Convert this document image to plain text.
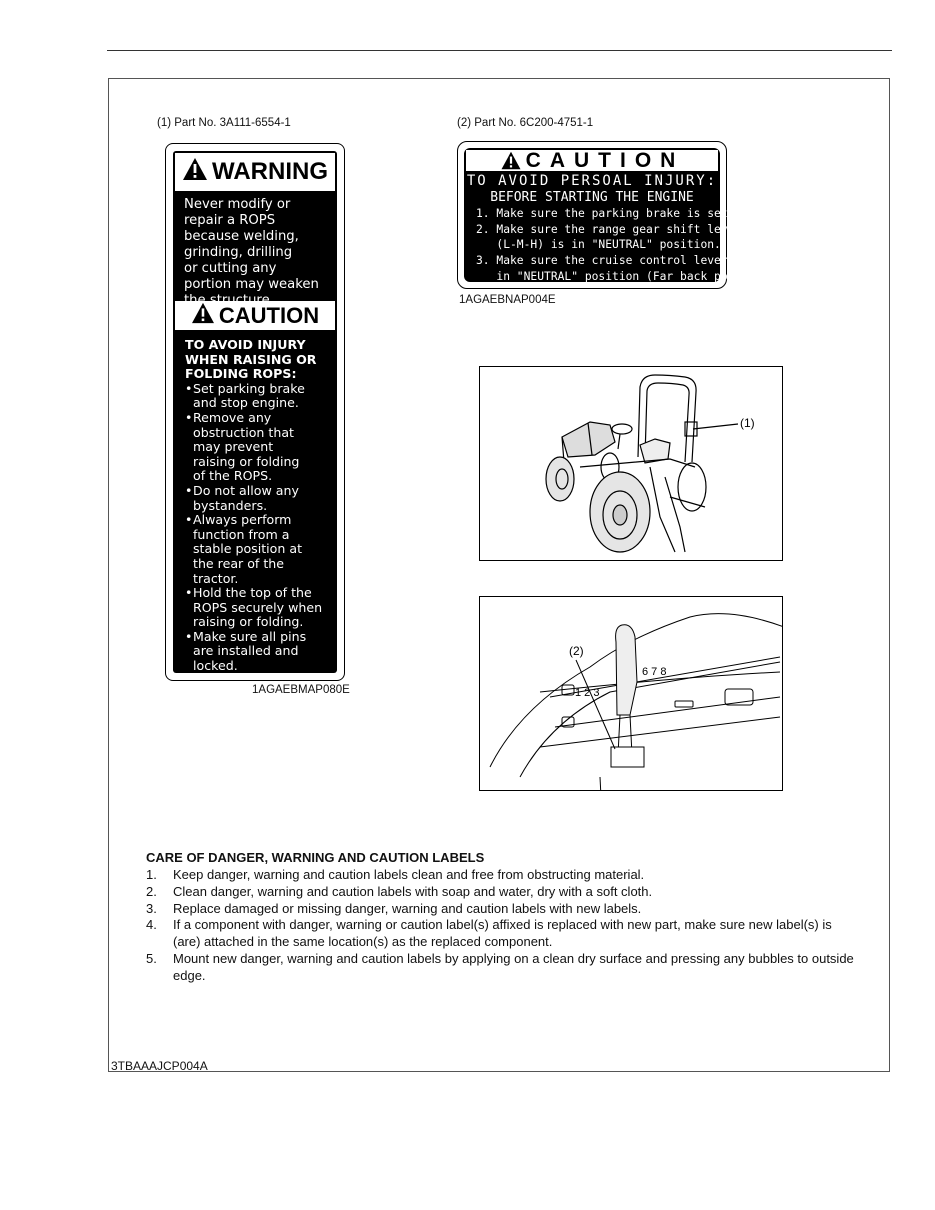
(1) Part No. 3A111-6554-1
WARNING
Never modify or
repair a ROPS
because welding,
grinding, drilling
or cutting any
portion may weaken
CAUTION
TO AVOID INJURY
WHEN RAISING OR
FOLDING ROPS:
•Set parking brake
and stop engine.
•Remove any
obstruction that
may prevent
raising or folding
of the ROPS.
•Do not allow any
bystanders.
•Always perform
function from a
stable position at
the rear of the
tractor.
•Hold the top of the
ROPS securely when
raising or folding.
•Make sure all pins
are installed and
locked.
1AGAEBMAP080E
(2) Part No. 6C200-4751-1
CAUTION
TO AVOID PERSOAL INJURY:
BEFORE STARTING THE ENGINE
1. Make sure the parking brake is set.
2. Make sure the range gear shift lever
(L-M-H) is in "NEUTRAL" position.
3. Make sure the cruise control lever is
in "NEUTRAL" position (Far back position).
1AGAEBNAP004E
(1)
1 2 3
6 7 8
(2)
CARE OF DANGER, WARNING AND CAUTION LABELS
1.	Keep danger, warning and caution labels clean and free from obstructing material.
2.	Clean danger, warning and caution labels with soap and water, dry with a soft cloth.
3.	Replace damaged or missing danger, warning and caution labels with new labels.
4.	If a component with danger, warning or caution label(s) affixed is replaced with new part, make sure new label(s) is (are) attached in the same location(s) as the replaced component.
5.	Mount new danger, warning and caution labels by applying on a clean dry surface and pressing any bubbles to outside edge.
3TBAAAJCP004A
